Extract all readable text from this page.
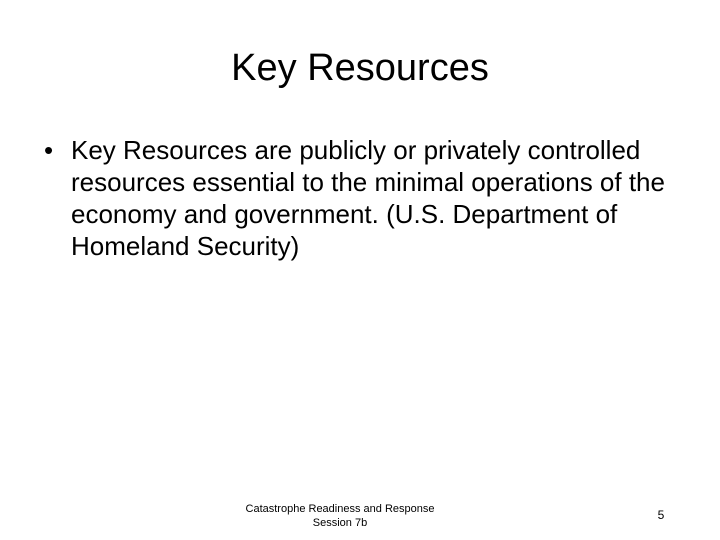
Key Resources
• Key Resources are publicly or privately controlled resources essential to the minimal operations of the economy and government. (U.S. Department of Homeland Security)
Catastrophe Readiness and Response
Session 7b
5
